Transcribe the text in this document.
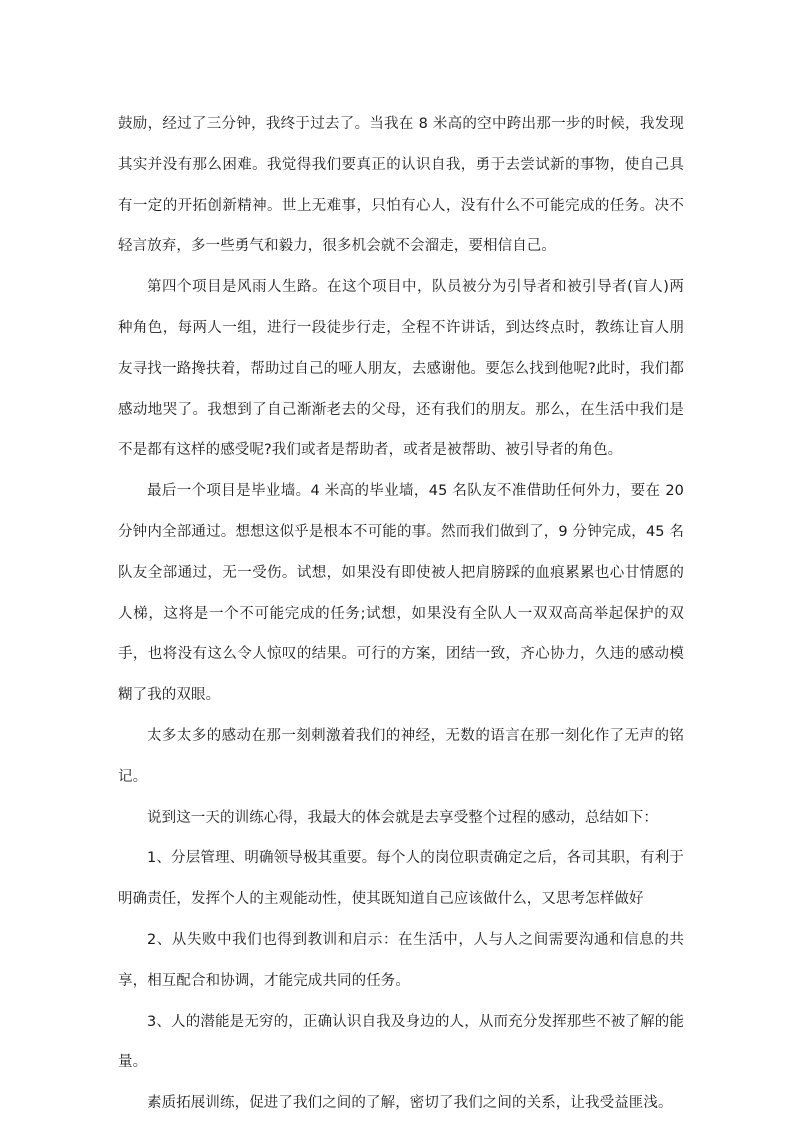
鼓励，经过了三分钟，我终于过去了。当我在 8 米高的空中跨出那一步的时候，我发现其实并没有那么困难。我觉得我们要真正的认识自我，勇于去尝试新的事物，使自己具有一定的开拓创新精神。世上无难事，只怕有心人，没有什么不可能完成的任务。决不轻言放弃，多一些勇气和毅力，很多机会就不会溜走，要相信自己。

第四个项目是风雨人生路。在这个项目中，队员被分为引导者和被引导者(盲人)两种角色，每两人一组，进行一段徒步行走，全程不许讲话，到达终点时，教练让盲人朋友寻找一路搀扶着，帮助过自己的哑人朋友，去感谢他。要怎么找到他呢?此时，我们都感动地哭了。我想到了自己渐渐老去的父母，还有我们的朋友。那么，在生活中我们是不是都有这样的感受呢?我们或者是帮助者，或者是被帮助、被引导者的角色。

最后一个项目是毕业墙。4 米高的毕业墙，45 名队友不准借助任何外力，要在 20 分钟内全部通过。想想这似乎是根本不可能的事。然而我们做到了，9 分钟完成，45 名队友全部通过，无一受伤。试想，如果没有即使被人把肩膀踩的血痕累累也心甘情愿的人梯，这将是一个不可能完成的任务;试想，如果没有全队人一双双高高举起保护的双手，也将没有这么令人惊叹的结果。可行的方案，团结一致，齐心协力，久违的感动模糊了我的双眼。

太多太多的感动在那一刻刺激着我们的神经，无数的语言在那一刻化作了无声的铭记。

说到这一天的训练心得，我最大的体会就是去享受整个过程的感动，总结如下：

1、分层管理、明确领导极其重要。每个人的岗位职责确定之后，各司其职，有利于明确责任，发挥个人的主观能动性，使其既知道自己应该做什么，又思考怎样做好

2、从失败中我们也得到教训和启示：在生活中，人与人之间需要沟通和信息的共享，相互配合和协调，才能完成共同的任务。

3、人的潜能是无穷的，正确认识自我及身边的人，从而充分发挥那些不被了解的能量。

素质拓展训练，促进了我们之间的了解，密切了我们之间的关系，让我受益匪浅。
